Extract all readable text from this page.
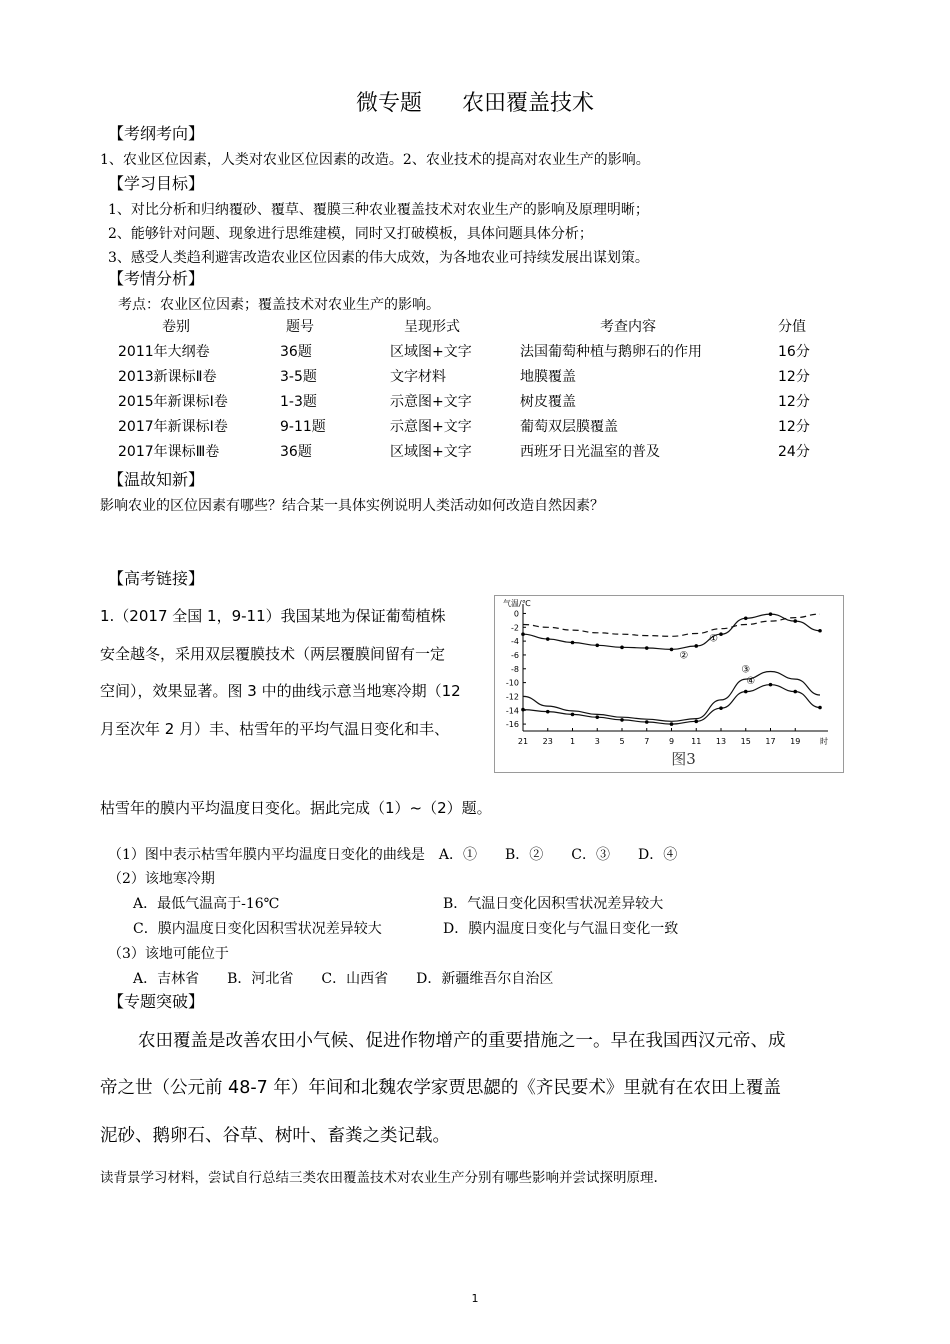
微专题 农田覆盖技术
【考纲考向】
1、农业区位因素，人类对农业区位因素的改造。2、农业技术的提高对农业生产的影响。
【学习目标】
1、对比分析和归纳覆砂、覆草、覆膜三种农业覆盖技术对农业生产的影响及原理明晰；
2、能够针对问题、现象进行思维建模，同时又打破模板，具体问题具体分析；
3、感受人类趋利避害改造农业区位因素的伟大成效，为各地农业可持续发展出谋划策。
【考情分析】
考点：农业区位因素；覆盖技术对农业生产的影响。
卷别	题号	呈现形式	考查内容	分值
2011年大纲卷	36题	区域图+文字	法国葡萄种植与鹅卵石的作用	16分
2013新课标Ⅱ卷	3-5题	文字材料	地膜覆盖	12分
2015年新课标Ⅰ卷	1-3题	示意图+文字	树皮覆盖	12分
2017年新课标Ⅰ卷	9-11题	示意图+文字	葡萄双层膜覆盖	12分
2017年课标Ⅲ卷	36题	区域图+文字	西班牙日光温室的普及	24分
【温故知新】
影响农业的区位因素有哪些？结合某一具体实例说明人类活动如何改造自然因素？
【高考链接】
1.（2017 全国 1，9-11）我国某地为保证葡萄植株
安全越冬，采用双层覆膜技术（两层覆膜间留有一定
空间），效果显著。图 3 中的曲线示意当地寒冷期（12
月至次年 2 月）丰、枯雪年的平均气温日变化和丰、
枯雪年的膜内平均温度日变化。据此完成（1）~（2）题。
气温/℃
0
-2
-4
-6
-8
-10
-12
-14
-16
21 23 1 3 5 7 9 11 13 15 17 19 时
图3
①
②
③
④
（1）图中表示枯雪年膜内平均温度日变化的曲线是　A．①　　B．②　　C．③　　D．④
（2）该地寒冷期
A．最低气温高于-16℃	B．气温日变化因积雪状况差异较大
C．膜内温度日变化因积雪状况差异较大	D．膜内温度日变化与气温日变化一致
（3）该地可能位于
A．吉林省　　B．河北省　　C．山西省　　D．新疆维吾尔自治区
【专题突破】
农田覆盖是改善农田小气候、促进作物增产的重要措施之一。早在我国西汉元帝、成
帝之世（公元前 48-7 年）年间和北魏农学家贾思勰的《齐民要术》里就有在农田上覆盖
泥砂、鹅卵石、谷草、树叶、畜粪之类记载。
读背景学习材料，尝试自行总结三类农田覆盖技术对农业生产分别有哪些影响并尝试探明原理.
1
